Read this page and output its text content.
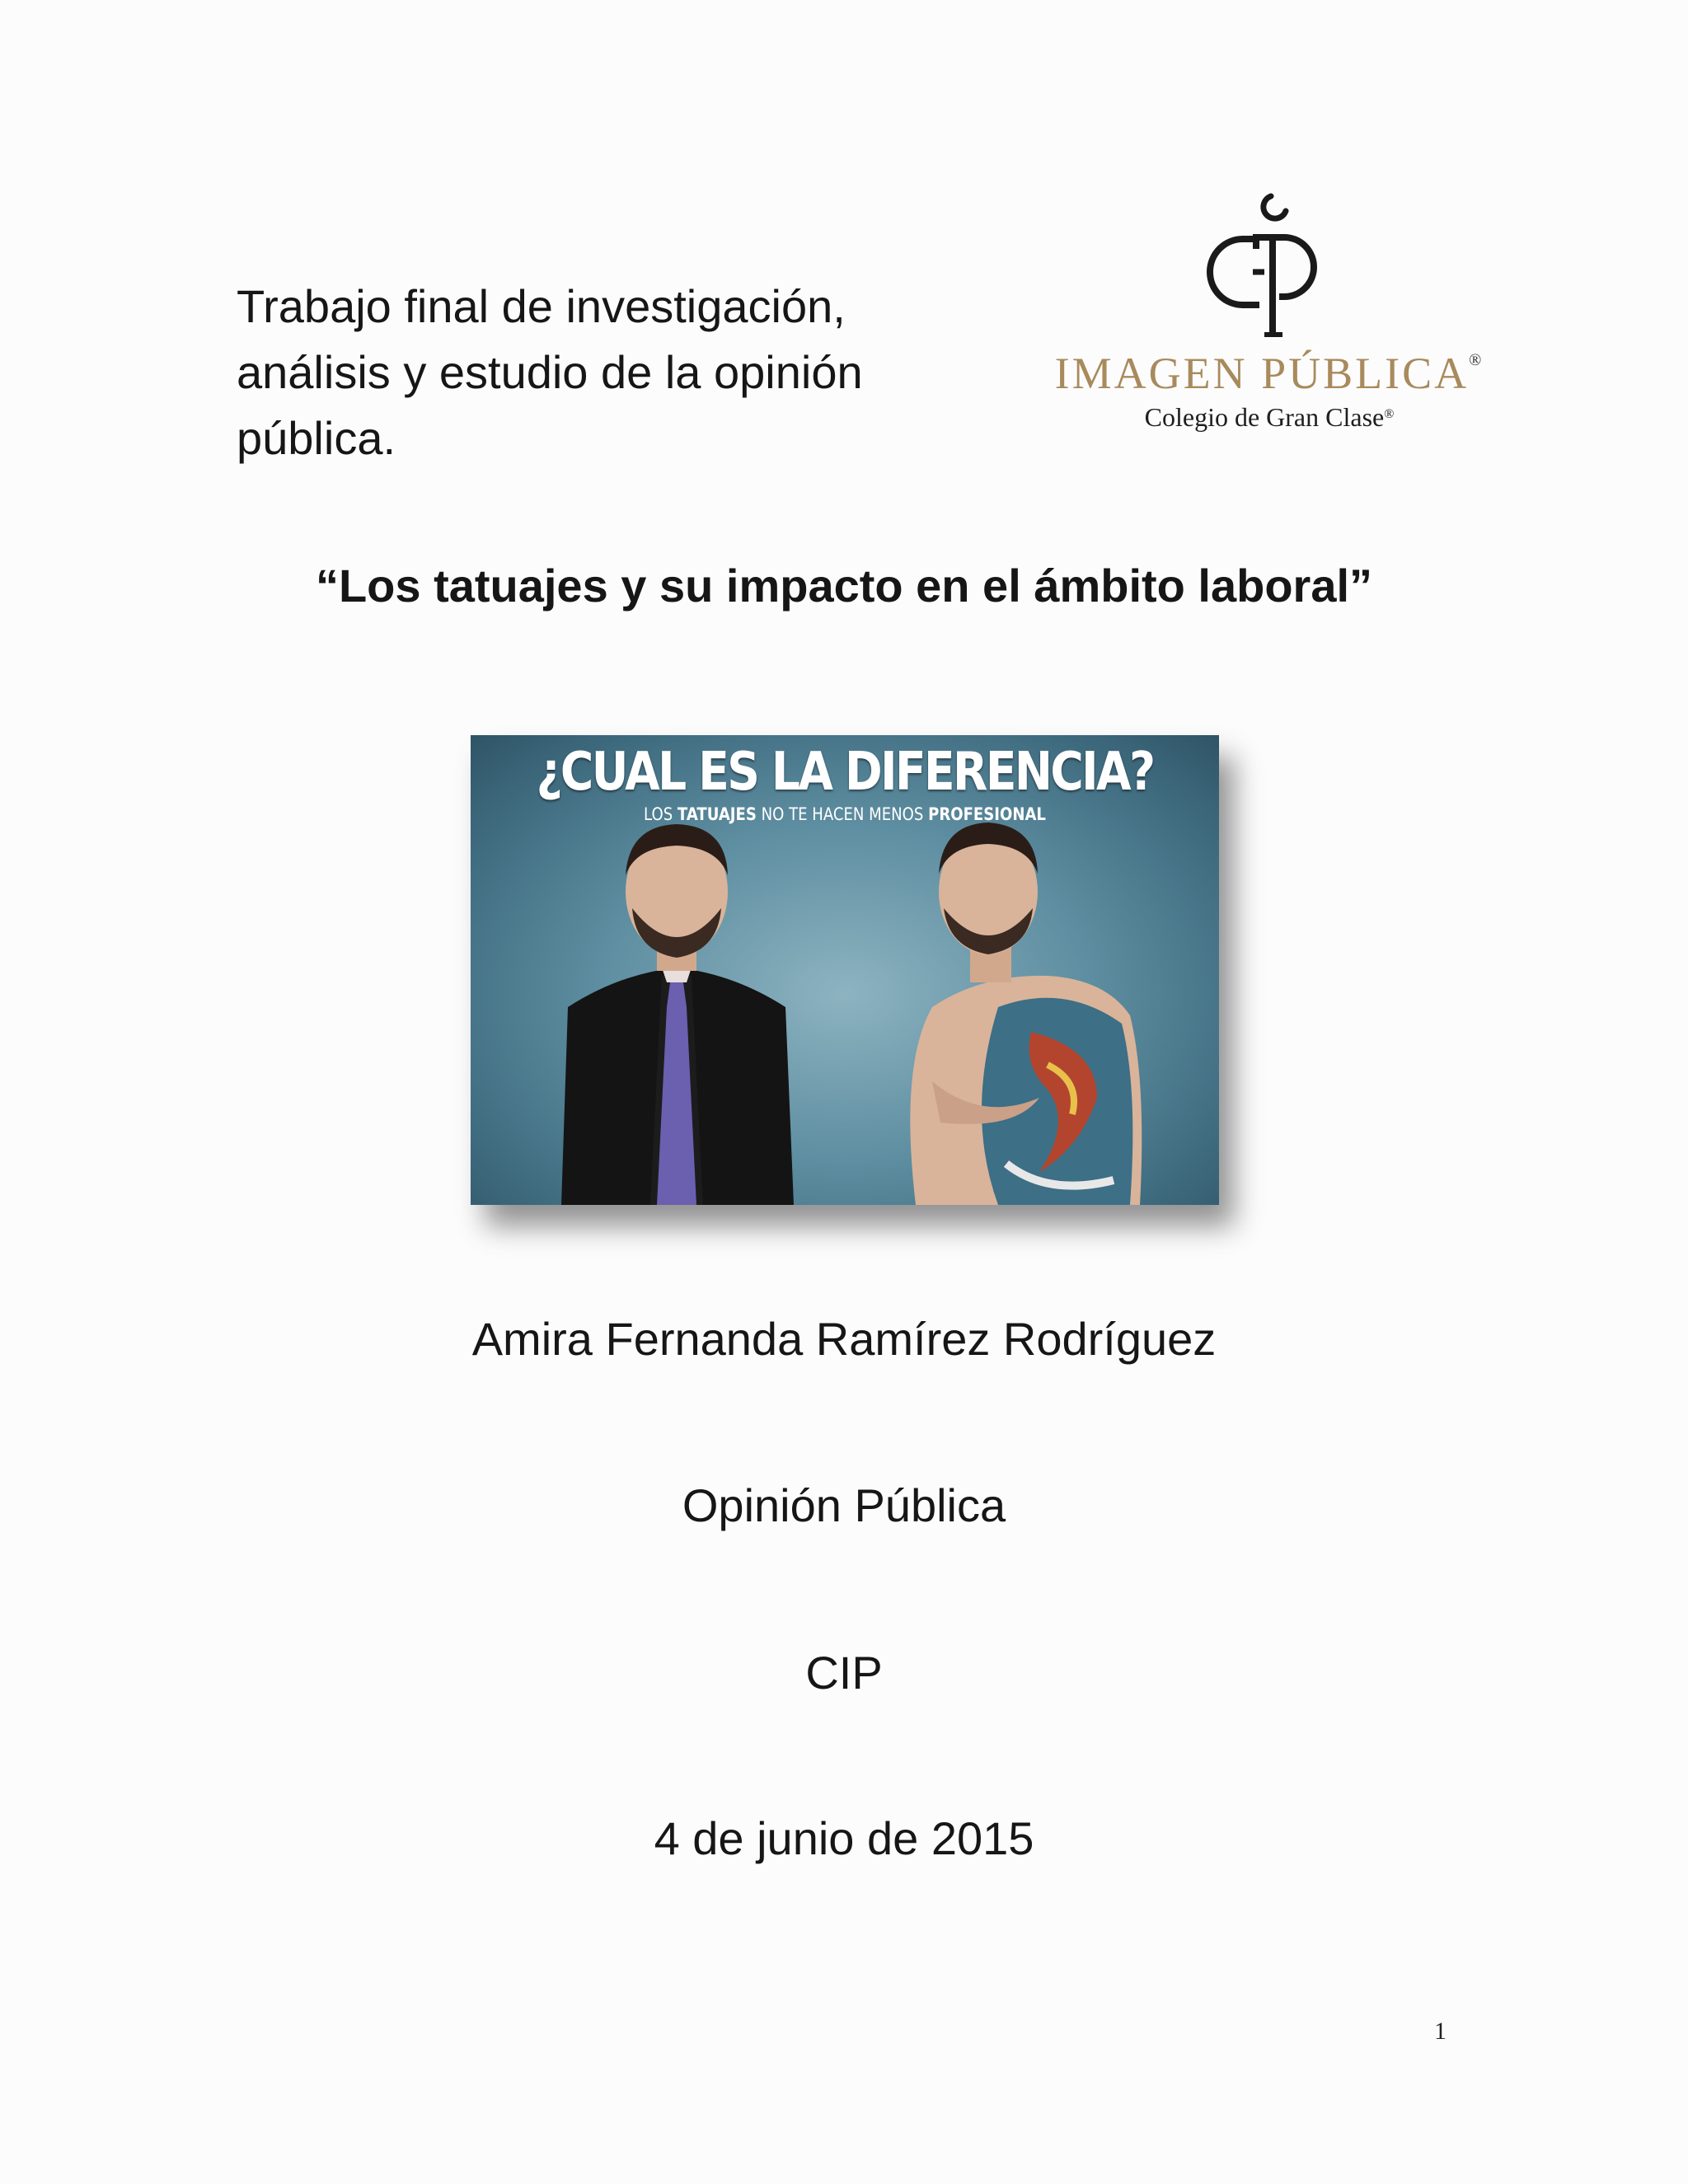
Trabajo final de investigación,
análisis y estudio de la opinión
pública.
IMAGEN PÚBLICA®
Colegio de Gran Clase®
“Los tatuajes y su impacto en el ámbito laboral”
¿CUAL ES LA DIFERENCIA?
LOS TATUAJES NO TE HACEN MENOS PROFESIONAL
Amira Fernanda Ramírez Rodríguez
Opinión Pública
CIP
4 de junio de 2015
1
